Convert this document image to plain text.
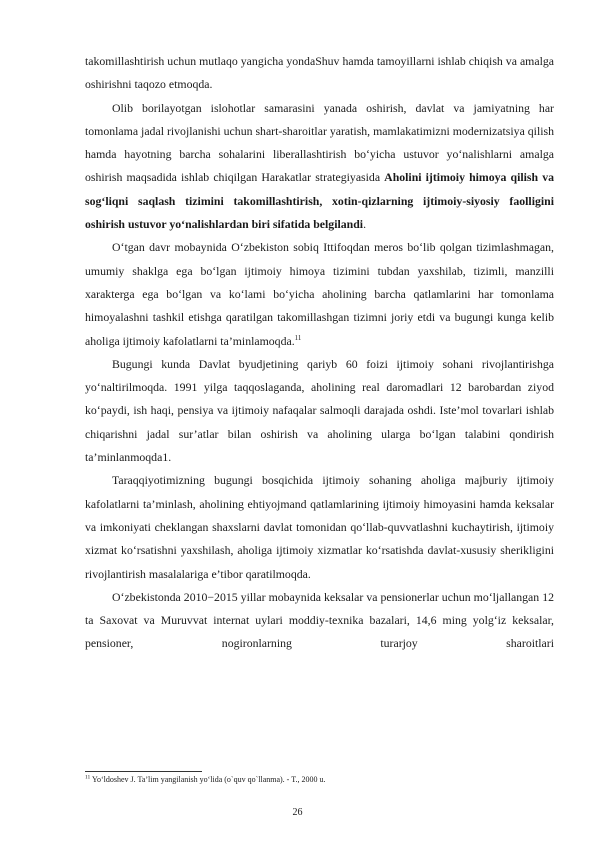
takomillashtirish uchun mutlaqo yangicha yondaShuv hamda tamoyillarni ishlab chiqish va amalga oshirishni taqozo etmoqda.

Olib borilayotgan islohotlar samarasini yanada oshirish, davlat va jamiyatning har tomonlama jadal rivojlanishi uchun shart-sharoitlar yaratish, mamlakatimizni modernizatsiya qilish hamda hayotning barcha sohalarini liberallashtirish bo‘yicha ustuvor yo‘nalishlarni amalga oshirish maqsadida ishlab chiqilgan Harakatlar strategiyasida Aholini ijtimoiy himoya qilish va sog‘liqni saqlash tizimini takomillashtirish, xotin-qizlarning ijtimoiy-siyosiy faolligini oshirish ustuvor yo‘nalishlardan biri sifatida belgilandi.

O‘tgan davr mobaynida O‘zbekiston sobiq Ittifoqdan meros bo‘lib qolgan tizimlashmagan, umumiy shaklga ega bo‘lgan ijtimoiy himoya tizimini tubdan yaxshilab, tizimli, manzilli xarakterga ega bo‘lgan va ko‘lami bo‘yicha aholining barcha qatlamlarini har tomonlama himoyalashni tashkil etishga qaratilgan takomillashgan tizimni joriy etdi va bugungi kunga kelib aholiga ijtimoiy kafolatlarni ta’minlamoqda.$^{11}$

Bugungi kunda Davlat byudjetining qariyb 60 foizi ijtimoiy sohani rivojlantirishga yo‘naltirilmoqda. 1991 yilga taqqoslaganda, aholining real daromadlari 12 barobardan ziyod ko‘paydi, ish haqi, pensiya va ijtimoiy nafaqalar salmoqli darajada oshdi. Iste’mol tovarlari ishlab chiqarishni jadal sur’atlar bilan oshirish va aholining ularga bo‘lgan talabini qondirish ta’minlanmoqda1.

Taraqqiyotimizning bugungi bosqichida ijtimoiy sohaning aholiga majburiy ijtimoiy kafolatlarni ta’minlash, aholining ehtiyojmand qatlamlarining ijtimoiy himoyasini hamda keksalar va imkoniyati cheklangan shaxslarni davlat tomonidan qo‘llab-quvvatlashni kuchaytirish, ijtimoiy xizmat ko‘rsatishni yaxshilash, aholiga ijtimoiy xizmatlar ko‘rsatishda davlat-xususiy sherikligini rivojlantirish masalalariga e’tibor qaratilmoqda.

O‘zbekistonda 2010−2015 yillar mobaynida keksalar va pensionerlar uchun mo‘ljallangan 12 ta Saxovat va Muruvvat internat uylari moddiy-texnika bazalari, 14,6 ming yolg‘iz keksalar, pensioner, nogironlarning turarjoy sharoitlari

$^{11}$ Yo‘ldoshev J. Ta’lim yangilanish yo‘lida (o`quv qo`llanma). - T., 2000 u.
26
